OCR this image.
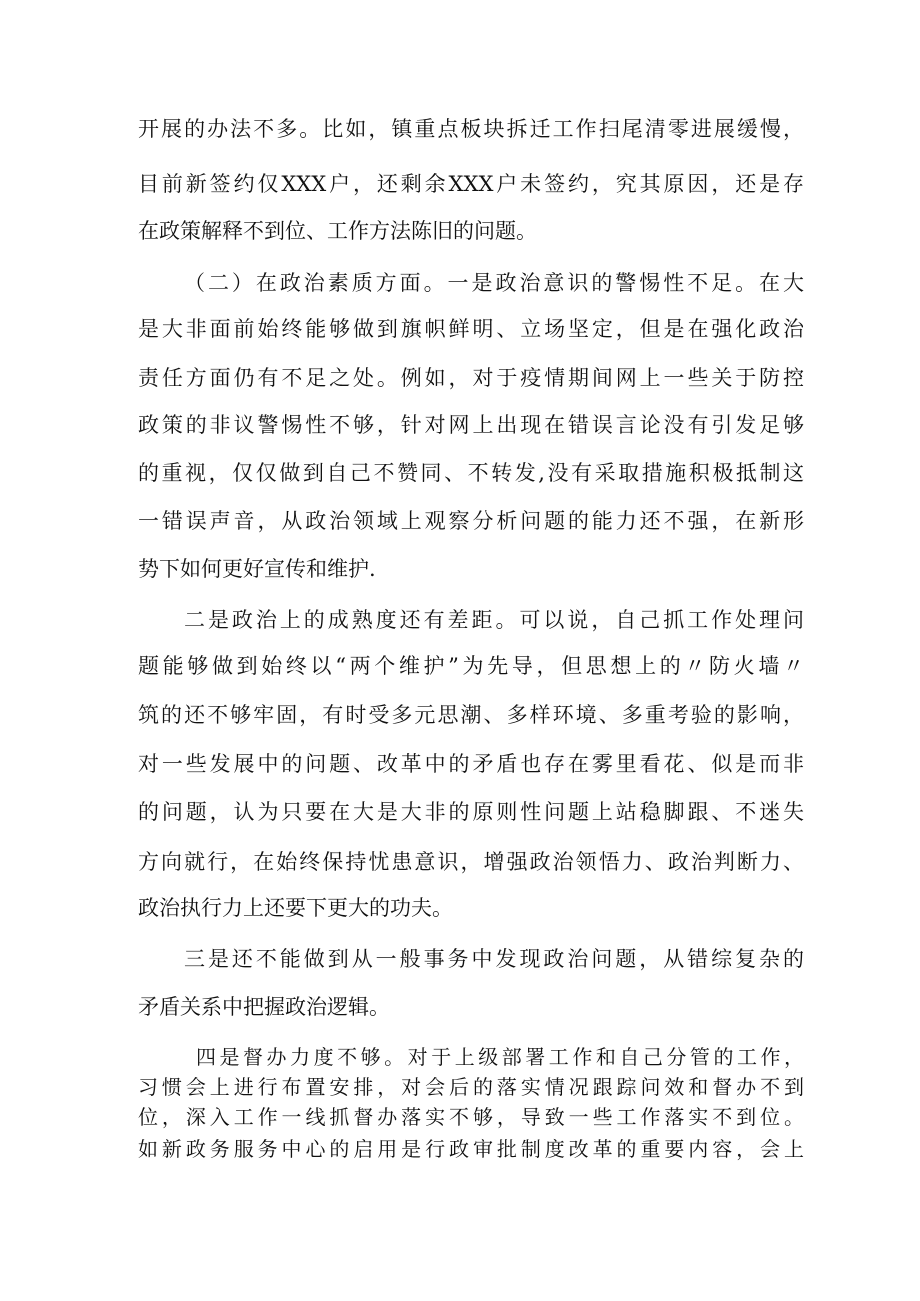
开展的办法不多。比如，镇重点板块拆迁工作扫尾清零进展缓慢，

目前新签约仅XXX户，还剩余XXX户未签约，究其原因，还是存

在政策解释不到位、工作方法陈旧的问题。

（二）在政治素质方面。一是政治意识的警惕性不足。在大

是大非面前始终能够做到旗帜鲜明、立场坚定，但是在强化政治

责任方面仍有不足之处。例如，对于疫情期间网上一些关于防控

政策的非议警惕性不够，针对网上出现在错误言论没有引发足够

的重视，仅仅做到自己不赞同、不转发,没有采取措施积极抵制这

一错误声音，从政治领域上观察分析问题的能力还不强，在新形

势下如何更好宣传和维护.

二是政治上的成熟度还有差距。可以说，自己抓工作处理问

题能够做到始终以“两个维护”为先导，但思想上的〃防火墙〃

筑的还不够牢固，有时受多元思潮、多样环境、多重考验的影响，

对一些发展中的问题、改革中的矛盾也存在雾里看花、似是而非

的问题，认为只要在大是大非的原则性问题上站稳脚跟、不迷失

方向就行，在始终保持忧患意识，增强政治领悟力、政治判断力、

政治执行力上还要下更大的功夫。

三是还不能做到从一般事务中发现政治问题，从错综复杂的

矛盾关系中把握政治逻辑。

四是督办力度不够。对于上级部署工作和自己分管的工作，

习惯会上进行布置安排，对会后的落实情况跟踪问效和督办不到

位，深入工作一线抓督办落实不够，导致一些工作落实不到位。

如新政务服务中心的启用是行政审批制度改革的重要内容，会上
